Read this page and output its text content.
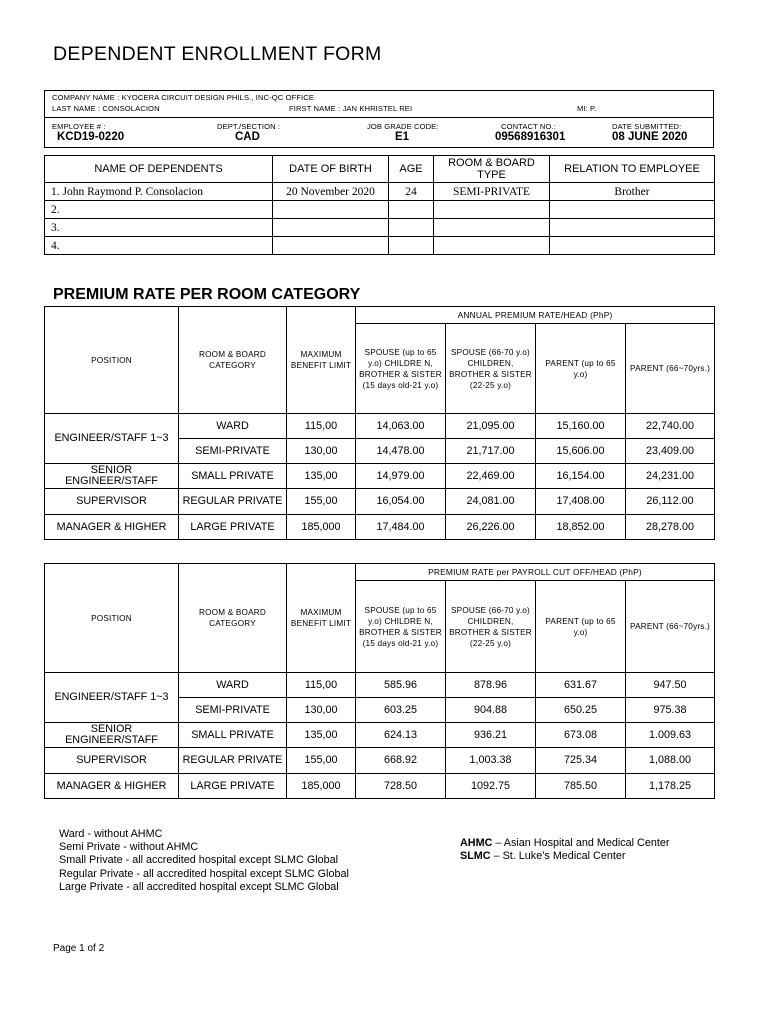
DEPENDENT ENROLLMENT FORM
COMPANY NAME : KYOCERA CIRCUIT DESIGN PHILS., INC-QC OFFICE
LAST NAME : CONSOLACION	FIRST NAME : JAN KHRISTEL REI	MI: P.
EMPLOYEE # :
KCD19-0220
DEPT./SECTION :
CAD
JOB GRADE CODE:
E1
CONTACT NO.:
09568916301
DATE SUBMITTED:
08 JUNE 2020
NAME OF DEPENDENTS	DATE OF BIRTH	AGE	ROOM & BOARD TYPE	RELATION TO EMPLOYEE
1. John Raymond P. Consolacion	20 November 2020	24	SEMI-PRIVATE	Brother
2.				
3.				
4.				
PREMIUM RATE PER ROOM CATEGORY
POSITION	ROOM & BOARD CATEGORY	MAXIMUM BENEFIT LIMIT	ANNUAL PREMIUM RATE/HEAD (PhP)			
			SPOUSE (up to 65 y.o) CHILDRE N, BROTHER & SISTER (15 days old-21 y.o)	SPOUSE (66-70 y.o) CHILDREN, BROTHER & SISTER (22-25 y.o)	PARENT (up to 65 y.o)	PARENT (66~70yrs.)
ENGINEER/STAFF 1~3	WARD	115,00	14,063.00	21,095.00	15,160.00	22,740.00
	SEMI-PRIVATE	130,00	14,478.00	21,717.00	15,606.00	23,409.00
SENIOR ENGINEER/STAFF	SMALL PRIVATE	135,00	14,979.00	22,469.00	16,154.00	24,231.00
SUPERVISOR	REGULAR PRIVATE	155,00	16,054.00	24,081.00	17,408.00	26,112.00
MANAGER & HIGHER	LARGE PRIVATE	185,000	17,484.00	26,226.00	18,852.00	28,278.00
POSITION	ROOM & BOARD CATEGORY	MAXIMUM BENEFIT LIMIT	PREMIUM RATE per PAYROLL CUT OFF/HEAD (PhP)			
			SPOUSE (up to 65 y.o) CHILDRE N, BROTHER & SISTER (15 days old-21 y.o)	SPOUSE (66-70 y.o) CHILDREN, BROTHER & SISTER (22-25 y.o)	PARENT (up to 65 y.o)	PARENT (66~70yrs.)
ENGINEER/STAFF 1~3	WARD	115,00	585.96	878.96	631.67	947.50
	SEMI-PRIVATE	130,00	603.25	904.88	650.25	975.38
SENIOR ENGINEER/STAFF	SMALL PRIVATE	135,00	624.13	936.21	673.08	1.009.63
SUPERVISOR	REGULAR PRIVATE	155,00	668.92	1,003.38	725.34	1,088.00
MANAGER & HIGHER	LARGE PRIVATE	185,000	728.50	1092.75	785.50	1,178.25
Ward - without AHMC
Semi Private - without AHMC
Small Private - all accredited hospital except SLMC Global
Regular Private - all accredited hospital except SLMC Global
Large Private - all accredited hospital except SLMC Global
AHMC – Asian Hospital and Medical Center
SLMC – St. Luke’s Medical Center
Page 1 of 2
